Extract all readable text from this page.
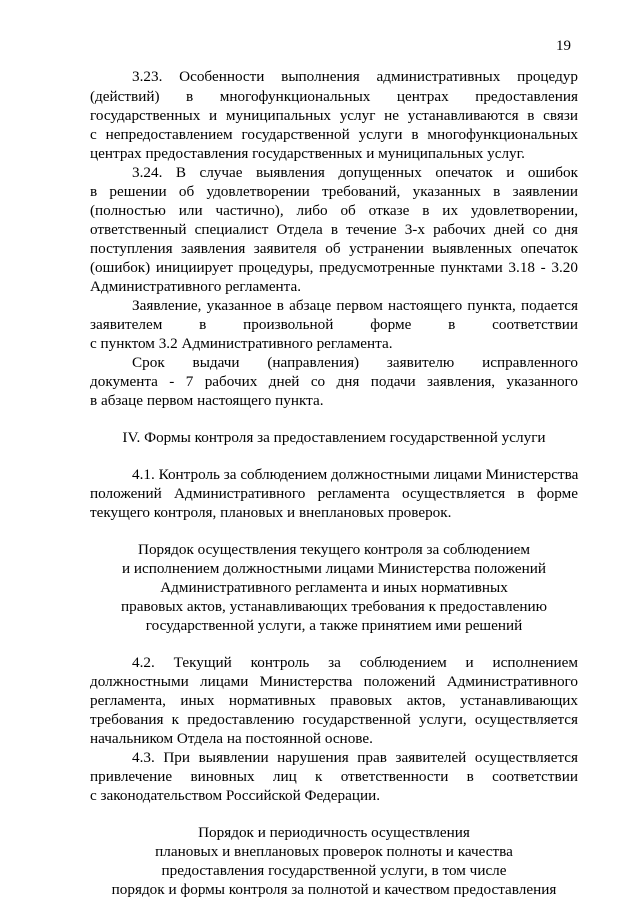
19
3.23. Особенности выполнения административных процедур
(действий) в многофункциональных центрах предоставления
государственных и муниципальных услуг не устанавливаются в связи
с непредоставлением государственной услуги в многофункциональных
центрах предоставления государственных и муниципальных услуг.
3.24. В случае выявления допущенных опечаток и ошибок
в решении об удовлетворении требований, указанных в заявлении
(полностью или частично), либо об отказе в их удовлетворении,
ответственный специалист Отдела в течение 3-х рабочих дней со дня
поступления заявления заявителя об устранении выявленных опечаток
(ошибок) инициирует процедуры, предусмотренные пунктами 3.18 - 3.20
Административного регламента.
Заявление, указанное в абзаце первом настоящего пункта, подается
заявителем в произвольной форме в соответствии
с пунктом 3.2 Административного регламента.
Срок выдачи (направления) заявителю исправленного
документа - 7 рабочих дней со дня подачи заявления, указанного
в абзаце первом настоящего пункта.
IV. Формы контроля за предоставлением государственной услуги
4.1. Контроль за соблюдением должностными лицами Министерства
положений Административного регламента осуществляется в форме
текущего контроля, плановых и внеплановых проверок.
Порядок осуществления текущего контроля за соблюдением
и исполнением должностными лицами Министерства положений
Административного регламента и иных нормативных
правовых актов, устанавливающих требования к предоставлению
государственной услуги, а также принятием ими решений
4.2. Текущий контроль за соблюдением и исполнением
должностными лицами Министерства положений Административного
регламента, иных нормативных правовых актов, устанавливающих
требования к предоставлению государственной услуги, осуществляется
начальником Отдела на постоянной основе.
4.3. При выявлении нарушения прав заявителей осуществляется
привлечение виновных лиц к ответственности в соответствии
с законодательством Российской Федерации.
Порядок и периодичность осуществления
плановых и внеплановых проверок полноты и качества
предоставления государственной услуги, в том числе
порядок и формы контроля за полнотой и качеством предоставления
